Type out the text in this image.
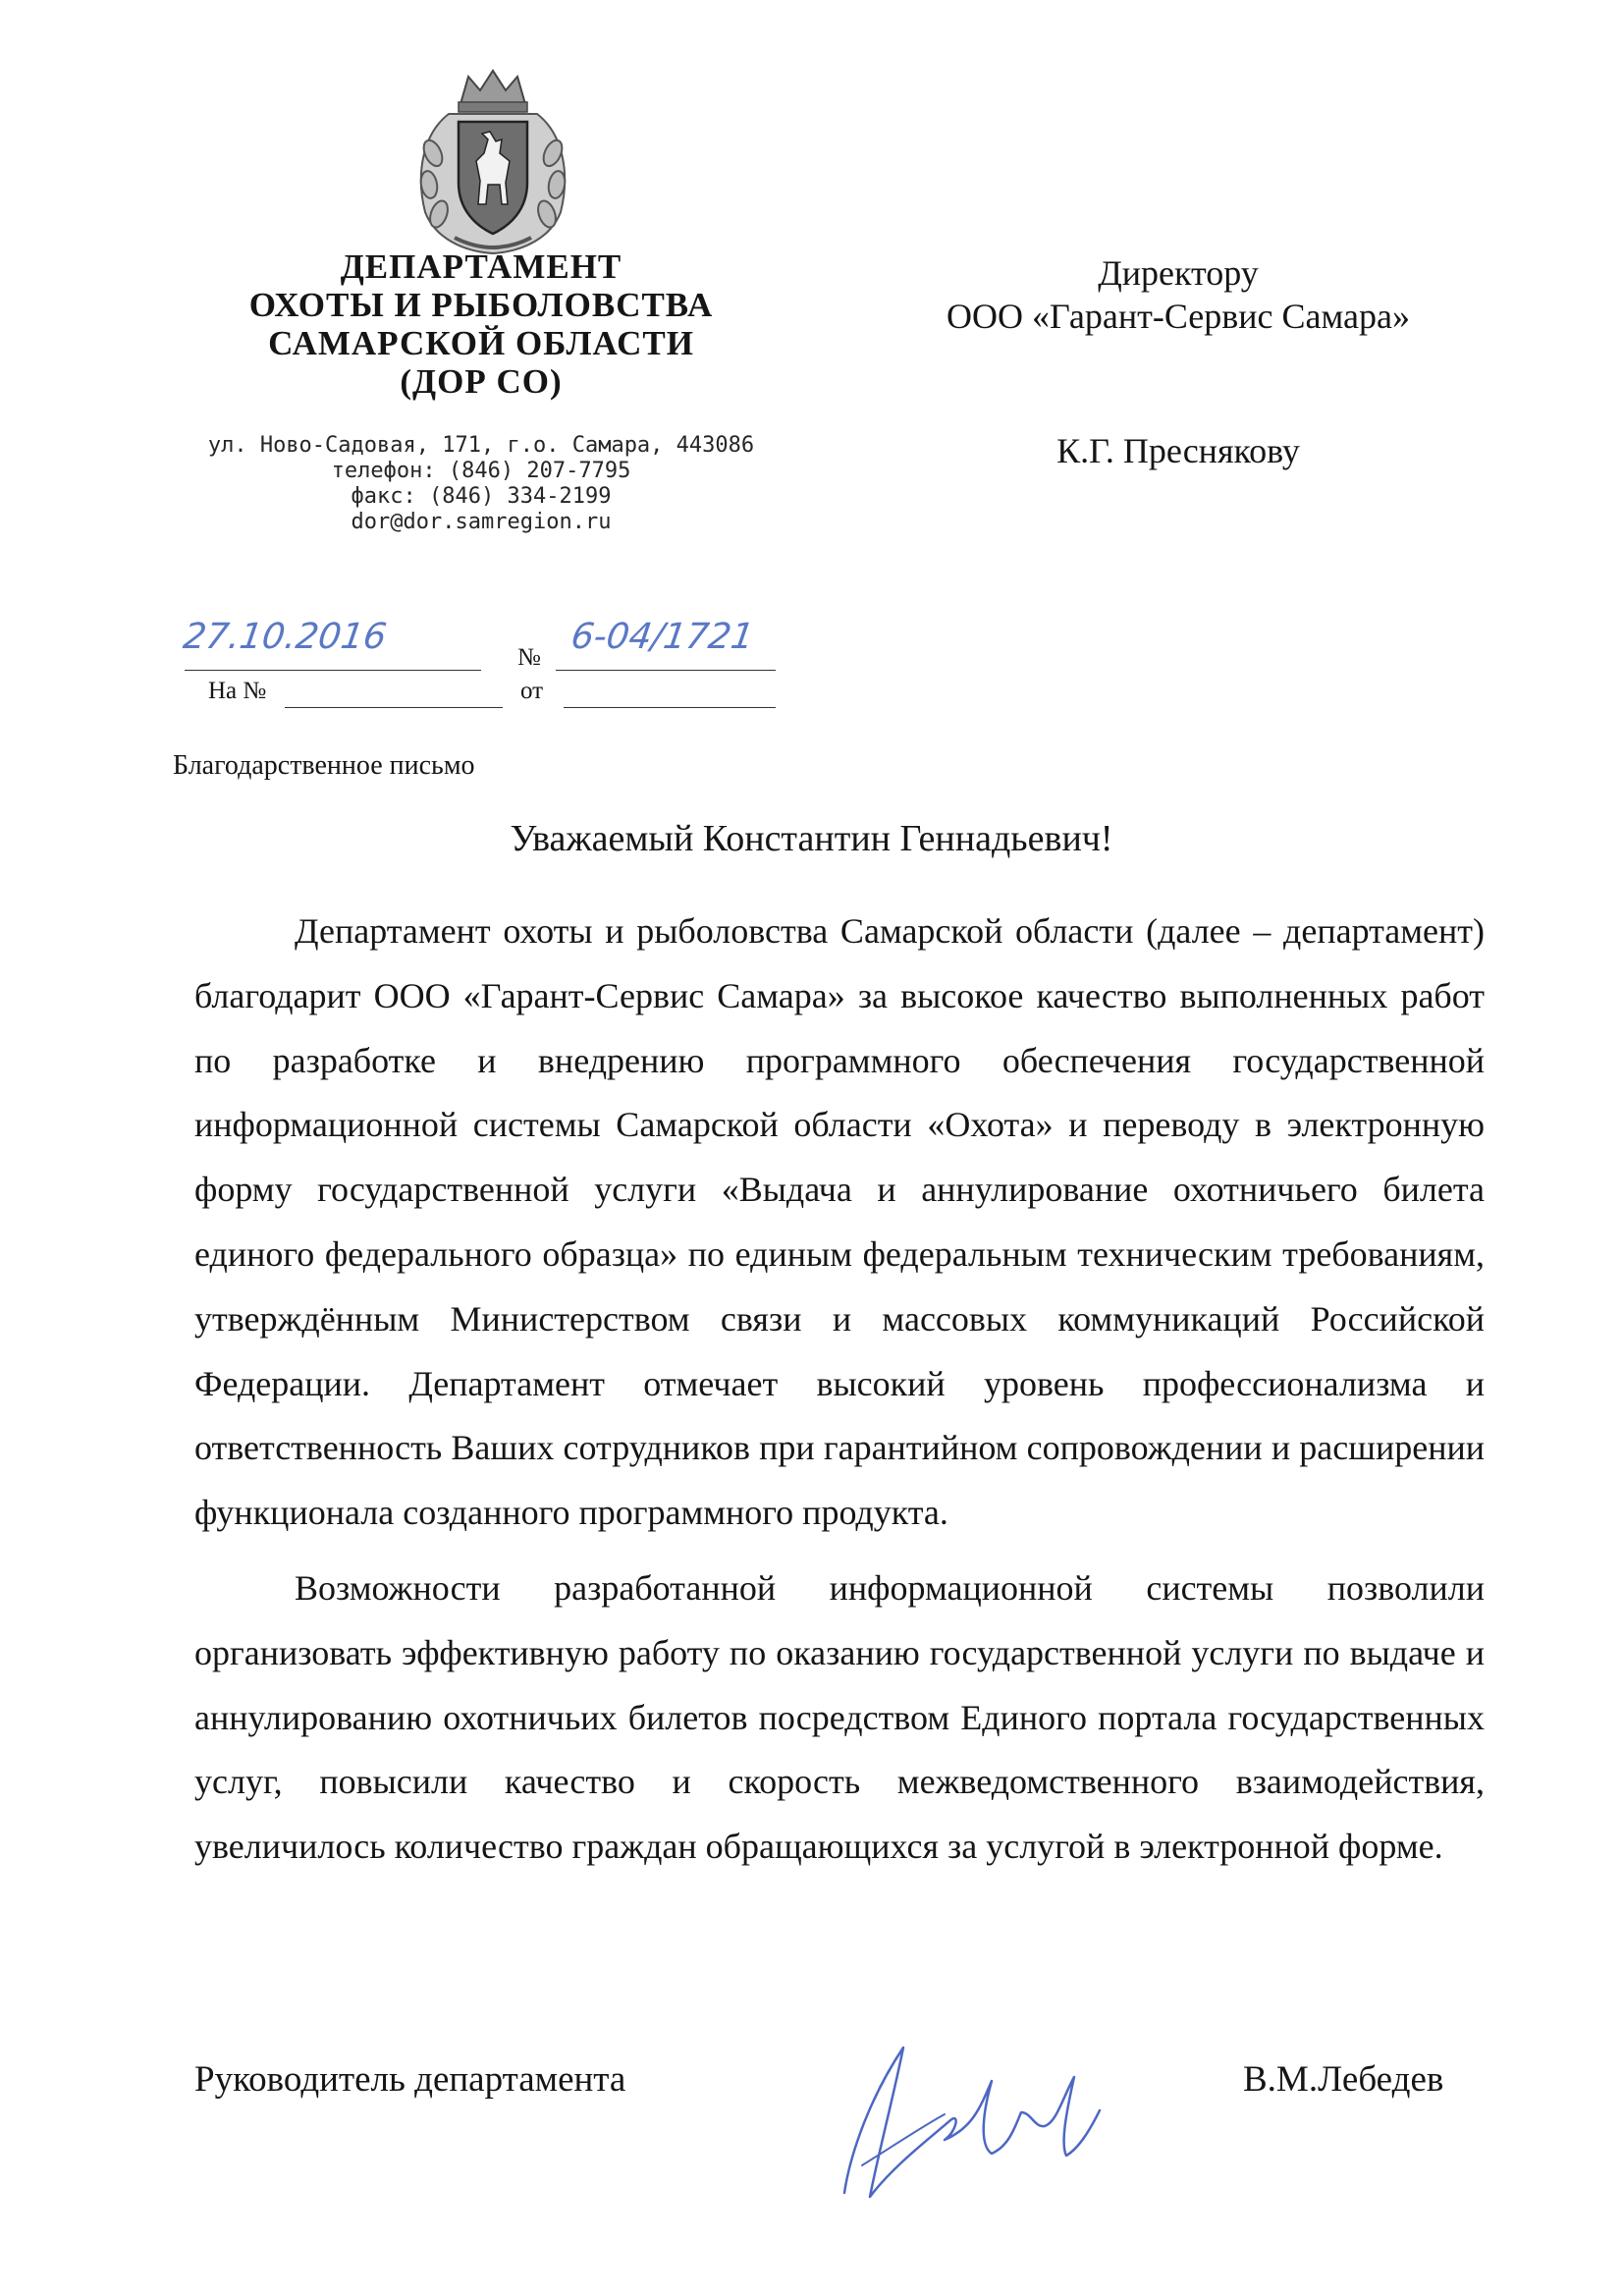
ДЕПАРТАМЕНТ
ОХОТЫ И РЫБОЛОВСТВА
САМАРСКОЙ ОБЛАСТИ
(ДОР СО)
ул. Ново-Садовая, 171, г.о. Самара, 443086
телефон: (846) 207-7795
факс: (846) 334-2199
dor@dor.samregion.ru
Директору
ООО «Гарант-Сервис Самара»
К.Г. Преснякову
27.10.2016
№
6-04/1721
На №	от
Благодарственное письмо
Уважаемый Константин Геннадьевич!

Департамент охоты и рыболовства Самарской области (далее – департамент) благодарит ООО «Гарант-Сервис Самара» за высокое качество выполненных работ по разработке и внедрению программного обеспечения государственной информационной системы Самарской области «Охота» и переводу в электронную форму государственной услуги «Выдача и аннулирование охотничьего билета единого федерального образца» по единым федеральным техническим требованиям, утверждённым Министерством связи и массовых коммуникаций Российской Федерации. Департамент отмечает высокий уровень профессионализма и ответственность Ваших сотрудников при гарантийном сопровождении и расширении функционала созданного программного продукта.

Возможности разработанной информационной системы позволили организовать эффективную работу по оказанию государственной услуги по выдаче и аннулированию охотничьих билетов посредством Единого портала государственных услуг, повысили качество и скорость межведомственного взаимодействия, увеличилось количество граждан обращающихся за услугой в электронной форме.

Руководитель департамента	В.М.Лебедев
